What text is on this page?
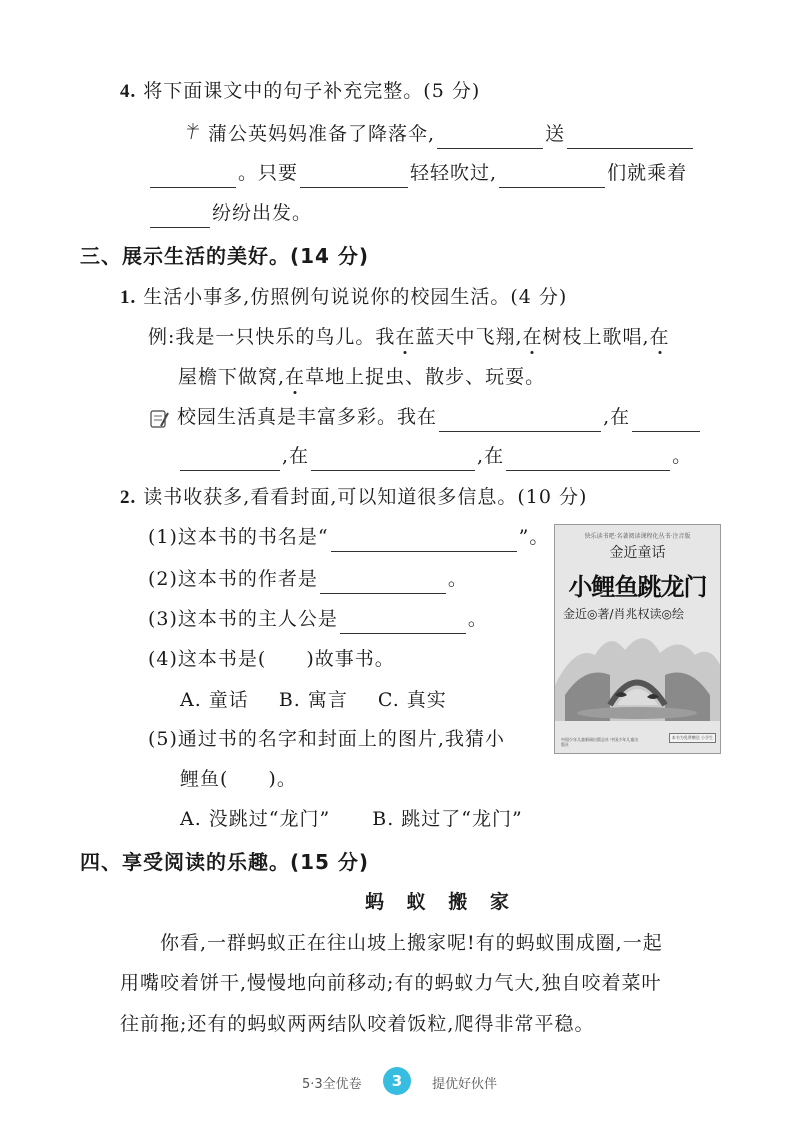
4. 将下面课文中的句子补充完整。(5 分)
蒲公英妈妈准备了降落伞,	送
。只要	轻轻吹过,	们就乘着
纷纷出发。
三、展示生活的美好。(14 分)
1. 生活小事多,仿照例句说说你的校园生活。(4 分)
例:我是一只快乐的鸟儿。我在蓝天中飞翔,在树枝上歌唱,在
屋檐下做窝,在草地上捉虫、散步、玩耍。
校园生活真是丰富多彩。我在	,在
,在	,在	。
2. 读书收获多,看看封面,可以知道很多信息。(10 分)
(1)这本书的书名是“	”。
(2)这本书的作者是	。
(3)这本书的主人公是	。
(4)这本书是( )故事书。
A. 童话 B. 寓言 C. 真实
(5)通过书的名字和封面上的图片,我猜小
鲤鱼( )。
A. 没跳过“龙门” B. 跳过了“龙门”
快乐读书吧·名著阅读课程化丛书·注音版
金近童话
小鲤鱼跳龙门
金近◎著/肖兆权读◎绘
中国少年儿童新闻出版总社 中国少年儿童出版社
本书为免费赠送 小学生
四、享受阅读的乐趣。(15 分)
蚂 蚁 搬 家
你看,一群蚂蚁正在往山坡上搬家呢!有的蚂蚁围成圈,一起
用嘴咬着饼干,慢慢地向前移动;有的蚂蚁力气大,独自咬着菜叶
往前拖;还有的蚂蚁两两结队咬着饭粒,爬得非常平稳。
5·3全优卷	3	提优好伙伴
